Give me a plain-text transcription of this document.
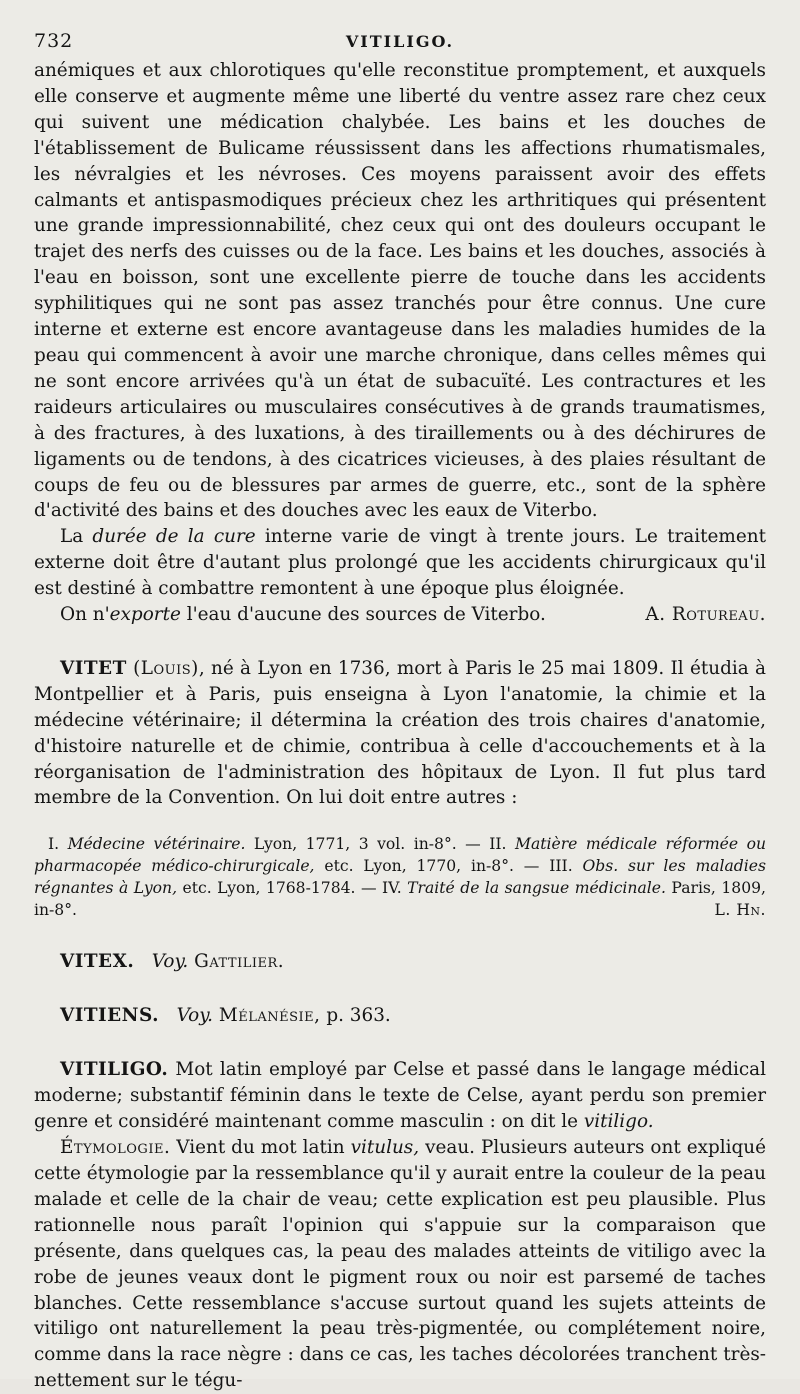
732	VITILIGO.

anémiques et aux chlorotiques qu'elle reconstitue promptement, et auxquels elle conserve et augmente même une liberté du ventre assez rare chez ceux qui suivent une médication chalybée. Les bains et les douches de l'établissement de Bulicame réussissent dans les affections rhumatismales, les névralgies et les névroses. Ces moyens paraissent avoir des effets calmants et antispasmodiques précieux chez les arthritiques qui présentent une grande impressionnabilité, chez ceux qui ont des douleurs occupant le trajet des nerfs des cuisses ou de la face. Les bains et les douches, associés à l'eau en boisson, sont une excellente pierre de touche dans les accidents syphilitiques qui ne sont pas assez tranchés pour être connus. Une cure interne et externe est encore avantageuse dans les maladies humides de la peau qui commencent à avoir une marche chronique, dans celles mêmes qui ne sont encore arrivées qu'à un état de subacuïté. Les contractures et les raideurs articulaires ou musculaires consécutives à de grands traumatismes, à des fractures, à des luxations, à des tiraillements ou à des déchirures de ligaments ou de tendons, à des cicatrices vicieuses, à des plaies résultant de coups de feu ou de blessures par armes de guerre, etc., sont de la sphère d'activité des bains et des douches avec les eaux de Viterbo.

La durée de la cure interne varie de vingt à trente jours. Le traitement externe doit être d'autant plus prolongé que les accidents chirurgicaux qu'il est destiné à combattre remontent à une époque plus éloignée.

On n'exporte l'eau d'aucune des sources de Viterbo.	A. Rotureau.

VITET (Louis), né à Lyon en 1736, mort à Paris le 25 mai 1809. Il étudia à Montpellier et à Paris, puis enseigna à Lyon l'anatomie, la chimie et la médecine vétérinaire; il détermina la création des trois chaires d'anatomie, d'histoire naturelle et de chimie, contribua à celle d'accouchements et à la réorganisation de l'administration des hôpitaux de Lyon. Il fut plus tard membre de la Convention. On lui doit entre autres :

I. Médecine vétérinaire. Lyon, 1771, 3 vol. in-8°. — II. Matière médicale réformée ou pharmacopée médico-chirurgicale, etc. Lyon, 1770, in-8°. — III. Obs. sur les maladies régnantes à Lyon, etc. Lyon, 1768-1784. — IV. Traité de la sangsue médicinale. Paris, 1809, in-8°.	L. Hn.

VITEX. Voy. Gattilier.

VITIENS. Voy. Mélanésie, p. 363.

VITILIGO. Mot latin employé par Celse et passé dans le langage médical moderne; substantif féminin dans le texte de Celse, ayant perdu son premier genre et considéré maintenant comme masculin : on dit le vitiligo.

Étymologie. Vient du mot latin vitulus, veau. Plusieurs auteurs ont expliqué cette étymologie par la ressemblance qu'il y aurait entre la couleur de la peau malade et celle de la chair de veau; cette explication est peu plausible. Plus rationnelle nous paraît l'opinion qui s'appuie sur la comparaison que présente, dans quelques cas, la peau des malades atteints de vitiligo avec la robe de jeunes veaux dont le pigment roux ou noir est parsemé de taches blanches. Cette ressemblance s'accuse surtout quand les sujets atteints de vitiligo ont naturellement la peau très-pigmentée, ou complétement noire, comme dans la race nègre : dans ce cas, les taches décolorées tranchent très-nettement sur le tégu-
